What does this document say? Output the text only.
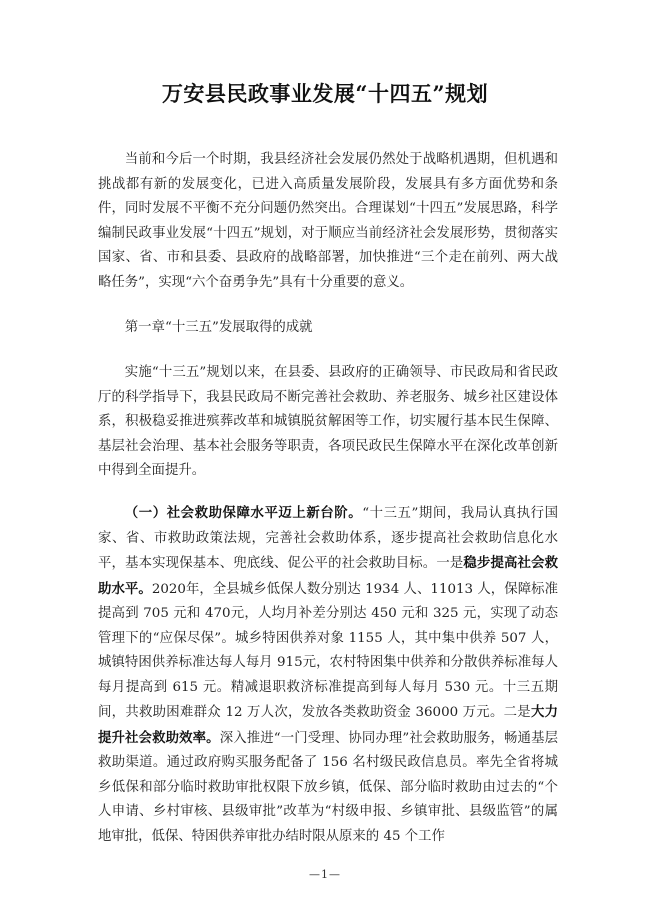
万安县民政事业发展“十四五”规划

当前和今后一个时期，我县经济社会发展仍然处于战略机遇期，但机遇和挑战都有新的发展变化，已进入高质量发展阶段，发展具有多方面优势和条件，同时发展不平衡不充分问题仍然突出。合理谋划“十四五”发展思路，科学编制民政事业发展“十四五”规划，对于顺应当前经济社会发展形势，贯彻落实国家、省、市和县委、县政府的战略部署，加快推进“三个走在前列、两大战略任务”，实现“六个奋勇争先”具有十分重要的意义。

第一章“十三五”发展取得的成就

实施“十三五”规划以来，在县委、县政府的正确领导、市民政局和省民政厅的科学指导下，我县民政局不断完善社会救助、养老服务、城乡社区建设体系，积极稳妥推进殡葬改革和城镇脱贫解困等工作，切实履行基本民生保障、基层社会治理、基本社会服务等职责，各项民政民生保障水平在深化改革创新中得到全面提升。

（一）社会救助保障水平迈上新台阶。“十三五”期间，我局认真执行国家、省、市救助政策法规，完善社会救助体系，逐步提高社会救助信息化水平，基本实现保基本、兜底线、促公平的社会救助目标。一是稳步提高社会救助水平。2020年，全县城乡低保人数分别达 1934 人、11013 人，保障标准提高到 705 元和 470元，人均月补差分别达 450 元和 325 元，实现了动态管理下的“应保尽保”。城乡特困供养对象 1155 人，其中集中供养 507 人，城镇特困供养标准达每人每月 915元，农村特困集中供养和分散供养标准每人每月提高到 615 元。精减退职救济标准提高到每人每月 530 元。十三五期间，共救助困难群众 12 万人次，发放各类救助资金 36000 万元。二是大力提升社会救助效率。深入推进“一门受理、协同办理”社会救助服务，畅通基层救助渠道。通过政府购买服务配备了 156 名村级民政信息员。率先全省将城乡低保和部分临时救助审批权限下放乡镇，低保、部分临时救助由过去的“个人申请、乡村审核、县级审批”改革为“村级申报、乡镇审批、县级监管”的属地审批，低保、特困供养审批办结时限从原来的 45 个工作

—1—
